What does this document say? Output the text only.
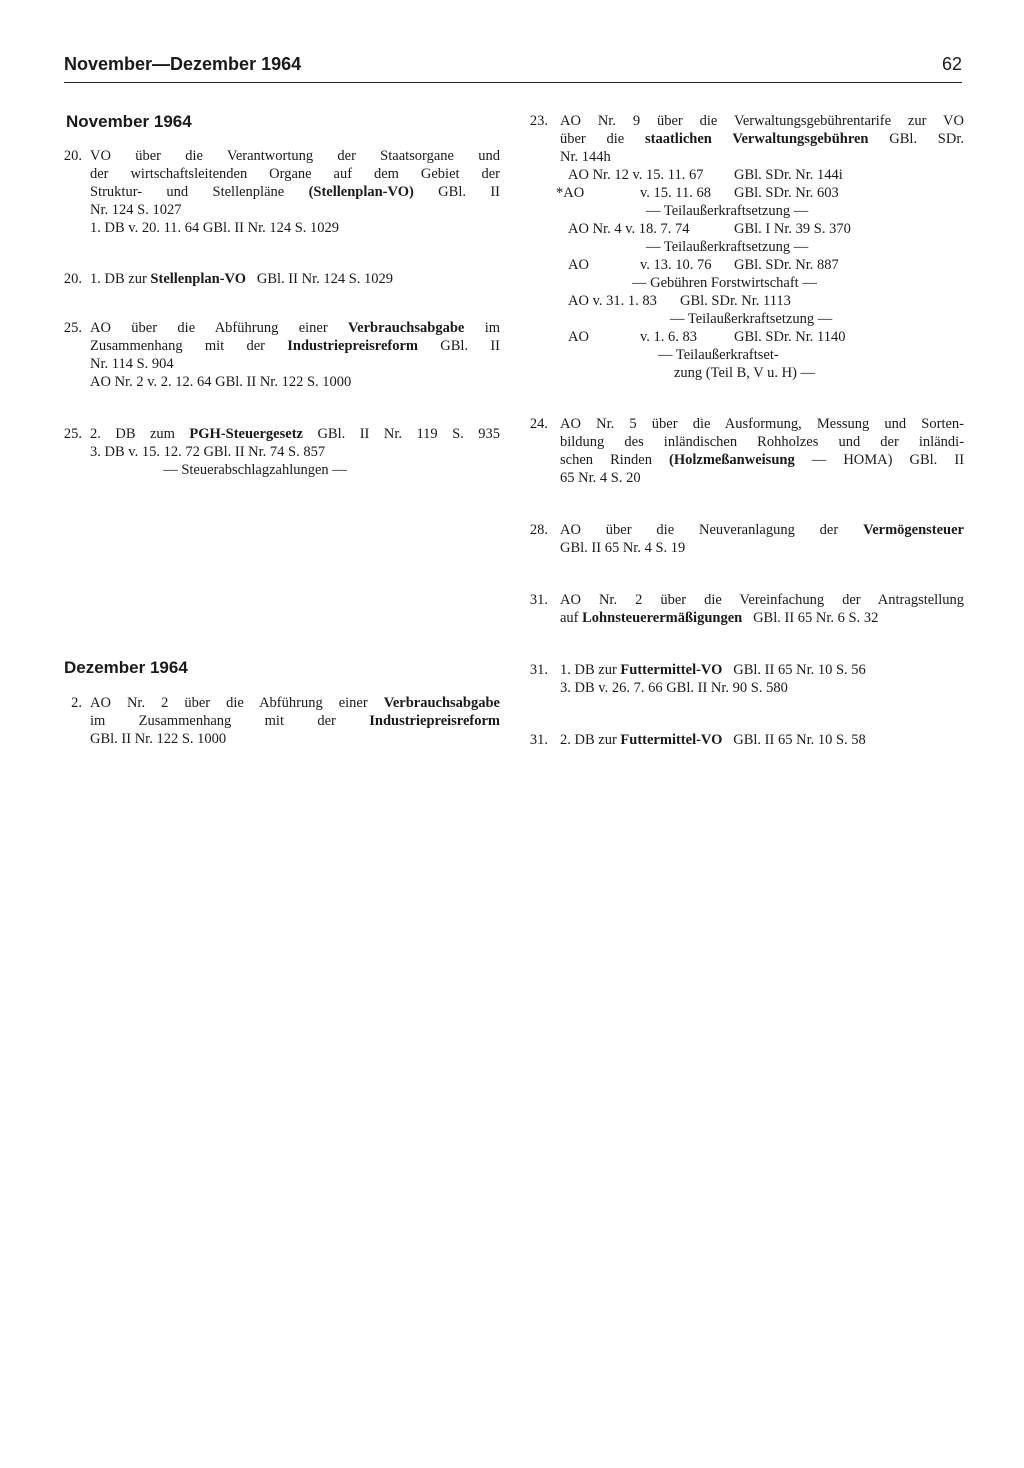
November—Dezember 1964	62
November 1964
20. VO über die Verantwortung der Staatsorgane und
der wirtschaftsleitenden Organe auf dem Gebiet der
Struktur- und Stellenpläne (Stellenplan-VO) GBl. II
Nr. 124 S. 1027
1. DB v. 20. 11. 64 GBl. II Nr. 124 S. 1029
20. 1. DB zur Stellenplan-VO GBl. II Nr. 124 S. 1029
25. AO über die Abführung einer Verbrauchsabgabe im
Zusammenhang mit der Industriepreisreform GBl. II
Nr. 114 S. 904
AO Nr. 2 v. 2. 12. 64 GBl. II Nr. 122 S. 1000
25. 2. DB zum PGH-Steuergesetz GBl. II Nr. 119 S. 935
3. DB v. 15. 12. 72 GBl. II Nr. 74 S. 857
— Steuerabschlagzahlungen —
Dezember 1964
2. AO Nr. 2 über die Abführung einer Verbrauchsabgabe
im Zusammenhang mit der Industriepreisreform
GBl. II Nr. 122 S. 1000
23. AO Nr. 9 über die Verwaltungsgebührentarife zur VO
über die staatlichen Verwaltungsgebühren GBl. SDr.
Nr. 144h
AO Nr. 12 v. 15. 11. 67 GBl. SDr. Nr. 144i
*AO	v. 15. 11. 68 GBl. SDr. Nr. 603
— Teilaußerkraftsetzung —
AO Nr. 4 v. 18. 7. 74	GBl. I Nr. 39 S. 370
— Teilaußerkraftsetzung —
AO	v. 13. 10. 76 GBl. SDr. Nr. 887
— Gebühren Forstwirtschaft —
AO v. 31. 1. 83 GBl. SDr. Nr. 1113
— Teilaußerkraftsetzung —
AO	v. 1. 6. 83	GBl. SDr. Nr. 1140
— Teilaußerkraftset-
zung (Teil B, V u. H) —
24. AO Nr. 5 über die Ausformung, Messung und Sorten-
bildung des inländischen Rohholzes und der inländi-
schen Rinden (Holzmeßanweisung — HOMA) GBl. II
65 Nr. 4 S. 20
28. AO über die Neuveranlagung der Vermögensteuer
GBl. II 65 Nr. 4 S. 19
31. AO Nr. 2 über die Vereinfachung der Antragstellung
auf Lohnsteuerermäßigungen GBl. II 65 Nr. 6 S. 32
31. 1. DB zur Futtermittel-VO GBl. II 65 Nr. 10 S. 56
3. DB v. 26. 7. 66 GBl. II Nr. 90 S. 580
31. 2. DB zur Futtermittel-VO GBl. II 65 Nr. 10 S. 58
